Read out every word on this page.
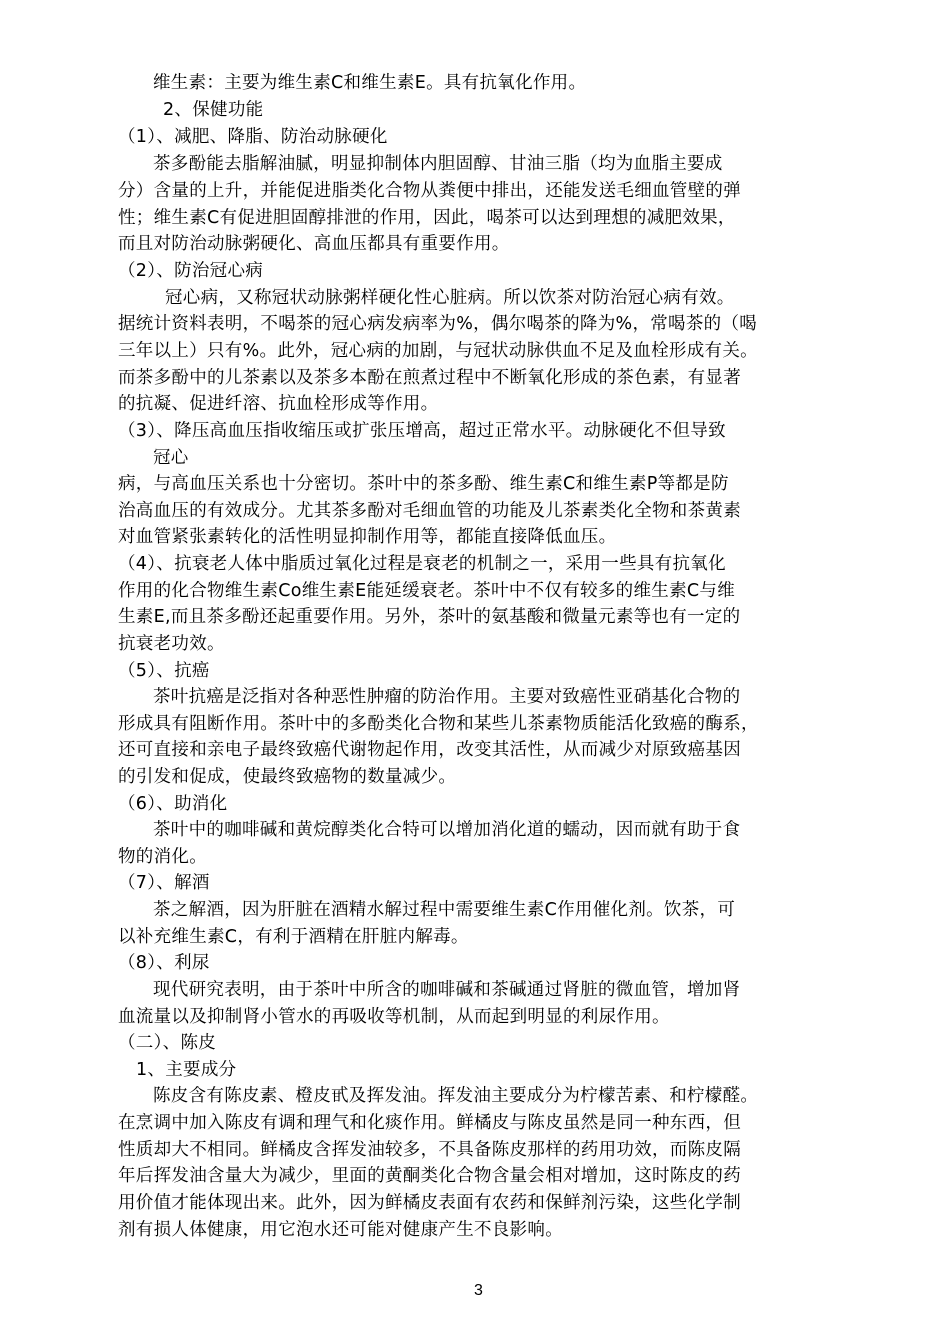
维生素：主要为维生素C和维生素E。具有抗氧化作用。

2、保健功能

（1）、减肥、降脂、防治动脉硬化

茶多酚能去脂解油腻，明显抑制体内胆固醇、甘油三脂（均为血脂主要成

分）含量的上升，并能促进脂类化合物从粪便中排出，还能发送毛细血管壁的弹

性；维生素C有促进胆固醇排泄的作用，因此，喝茶可以达到理想的减肥效果，

而且对防治动脉粥硬化、高血压都具有重要作用。

（2）、防治冠心病

冠心病，又称冠状动脉粥样硬化性心脏病。所以饮茶对防治冠心病有效。

据统计资料表明，不喝茶的冠心病发病率为%，偶尔喝茶的降为%，常喝茶的（喝

三年以上）只有%。此外，冠心病的加剧，与冠状动脉供血不足及血栓形成有关。

而茶多酚中的儿茶素以及茶多本酚在煎煮过程中不断氧化形成的茶色素，有显著

的抗凝、促进纤溶、抗血栓形成等作用。

（3）、降压高血压指收缩压或扩张压增高，超过正常水平。动脉硬化不但导致

冠心

病，与高血压关系也十分密切。茶叶中的茶多酚、维生素C和维生素P等都是防

治高血压的有效成分。尤其茶多酚对毛细血管的功能及儿茶素类化全物和茶黄素

对血管紧张素转化的活性明显抑制作用等，都能直接降低血压。

（4）、抗衰老人体中脂质过氧化过程是衰老的机制之一，采用一些具有抗氧化

作用的化合物维生素Co维生素E能延缓衰老。茶叶中不仅有较多的维生素C与维

生素E,而且茶多酚还起重要作用。另外，茶叶的氨基酸和微量元素等也有一定的

抗衰老功效。

（5）、抗癌

茶叶抗癌是泛指对各种恶性肿瘤的防治作用。主要对致癌性亚硝基化合物的

形成具有阻断作用。茶叶中的多酚类化合物和某些儿茶素物质能活化致癌的酶系，

还可直接和亲电子最终致癌代谢物起作用，改变其活性，从而减少对原致癌基因

的引发和促成，使最终致癌物的数量减少。

（6）、助消化

茶叶中的咖啡碱和黄烷醇类化合特可以增加消化道的蠕动，因而就有助于食

物的消化。

（7）、解酒

茶之解酒，因为肝脏在酒精水解过程中需要维生素C作用催化剂。饮茶，可

以补充维生素C，有利于酒精在肝脏内解毒。

（8）、利尿

现代研究表明，由于茶叶中所含的咖啡碱和茶碱通过肾脏的微血管，增加肾

血流量以及抑制肾小管水的再吸收等机制，从而起到明显的利尿作用。

（二）、陈皮

1、主要成分

陈皮含有陈皮素、橙皮甙及挥发油。挥发油主要成分为柠檬苦素、和柠檬醛。

在烹调中加入陈皮有调和理气和化痰作用。鲜橘皮与陈皮虽然是同一种东西，但

性质却大不相同。鲜橘皮含挥发油较多，不具备陈皮那样的药用功效，而陈皮隔

年后挥发油含量大为减少，里面的黄酮类化合物含量会相对增加，这时陈皮的药

用价值才能体现出来。此外，因为鲜橘皮表面有农药和保鲜剂污染，这些化学制

剂有损人体健康，用它泡水还可能对健康产生不良影响。

3
